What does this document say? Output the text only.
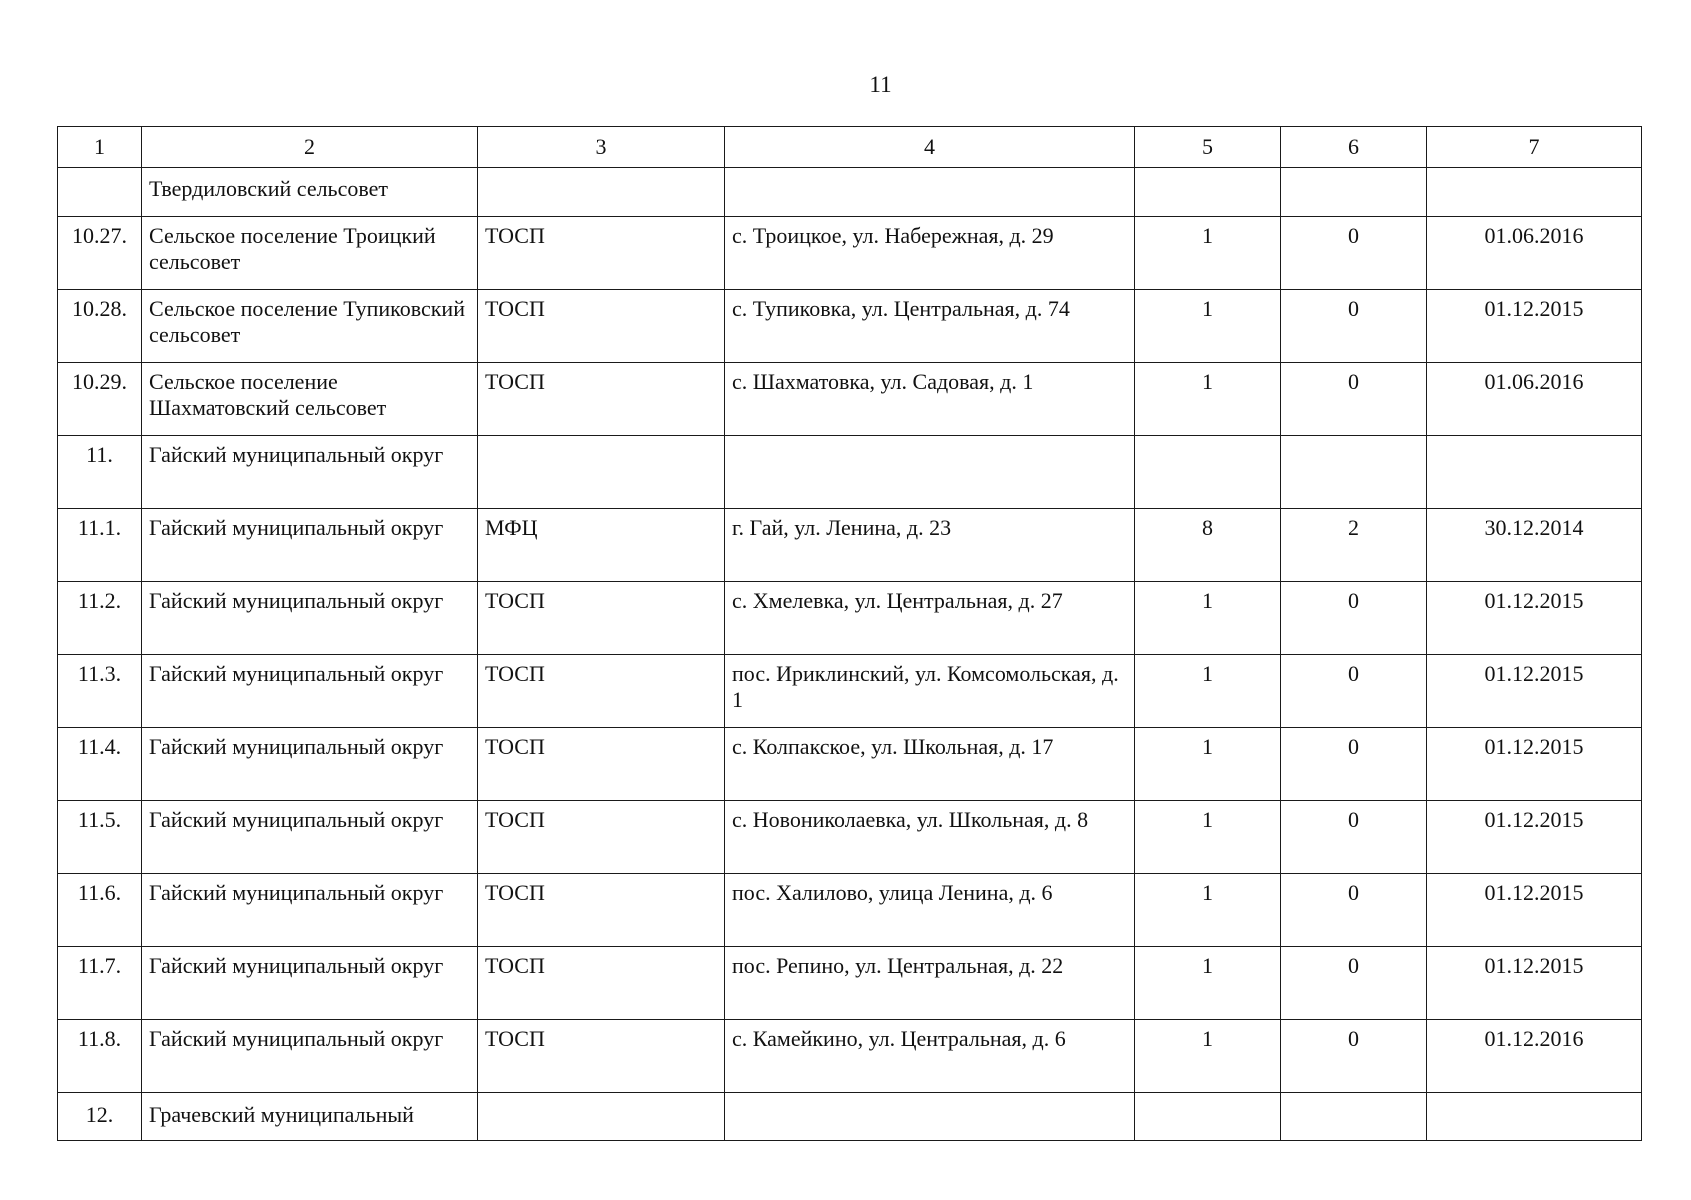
11
1	2	3	4	5	6	7
	Твердиловский сельсовет					
10.27.	Сельское поселение Троицкий сельсовет	ТОСП	с. Троицкое, ул. Набережная, д. 29	1	0	01.06.2016
10.28.	Сельское поселение Тупиковский сельсовет	ТОСП	с. Тупиковка, ул. Центральная, д. 74	1	0	01.12.2015
10.29.	Сельское поселение Шахматовский сельсовет	ТОСП	с. Шахматовка, ул. Садовая, д. 1	1	0	01.06.2016
11.	Гайский муниципальный округ					
11.1.	Гайский муниципальный округ	МФЦ	г. Гай, ул. Ленина, д. 23	8	2	30.12.2014
11.2.	Гайский муниципальный округ	ТОСП	с. Хмелевка, ул. Центральная, д. 27	1	0	01.12.2015
11.3.	Гайский муниципальный округ	ТОСП	пос. Ириклинский, ул. Комсомольская, д. 1	1	0	01.12.2015
11.4.	Гайский муниципальный округ	ТОСП	с. Колпакское, ул. Школьная, д. 17	1	0	01.12.2015
11.5.	Гайский муниципальный округ	ТОСП	с. Новониколаевка, ул. Школьная, д. 8	1	0	01.12.2015
11.6.	Гайский муниципальный округ	ТОСП	пос. Халилово, улица Ленина, д. 6	1	0	01.12.2015
11.7.	Гайский муниципальный округ	ТОСП	пос. Репино, ул. Центральная, д. 22	1	0	01.12.2015
11.8.	Гайский муниципальный округ	ТОСП	с. Камейкино, ул. Центральная, д. 6	1	0	01.12.2016
12.	Грачевский муниципальный					
